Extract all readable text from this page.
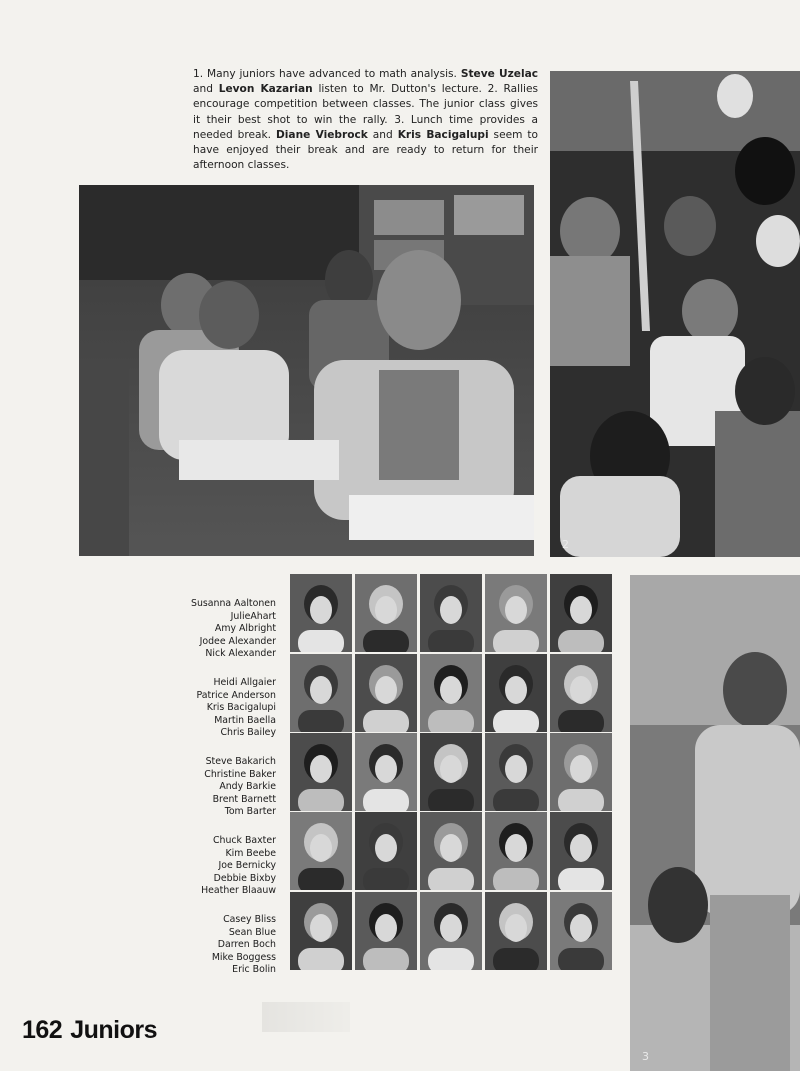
1. Many juniors have advanced to math analysis. Steve Uzelac and Levon Kazarian listen to Mr. Dutton's lecture. 2. Rallies encourage competition between classes. The junior class gives it their best shot to win the rally. 3. Lunch time provides a needed break. Diane Viebrock and Kris Bacigalupi seem to have enjoyed their break and are ready to return for their afternoon classes.
2
3
Susanna Aaltonen
JulieAhart
Amy Albright
Jodee Alexander
Nick Alexander
Heidi Allgaier
Patrice Anderson
Kris Bacigalupi
Martin Baella
Chris Bailey
Steve Bakarich
Christine Baker
Andy Barkie
Brent Barnett
Tom Barter
Chuck Baxter
Kim Beebe
Joe Bernicky
Debbie Bixby
Heather Blaauw
Casey Bliss
Sean Blue
Darren Boch
Mike Boggess
Eric Bolin
162 Juniors
